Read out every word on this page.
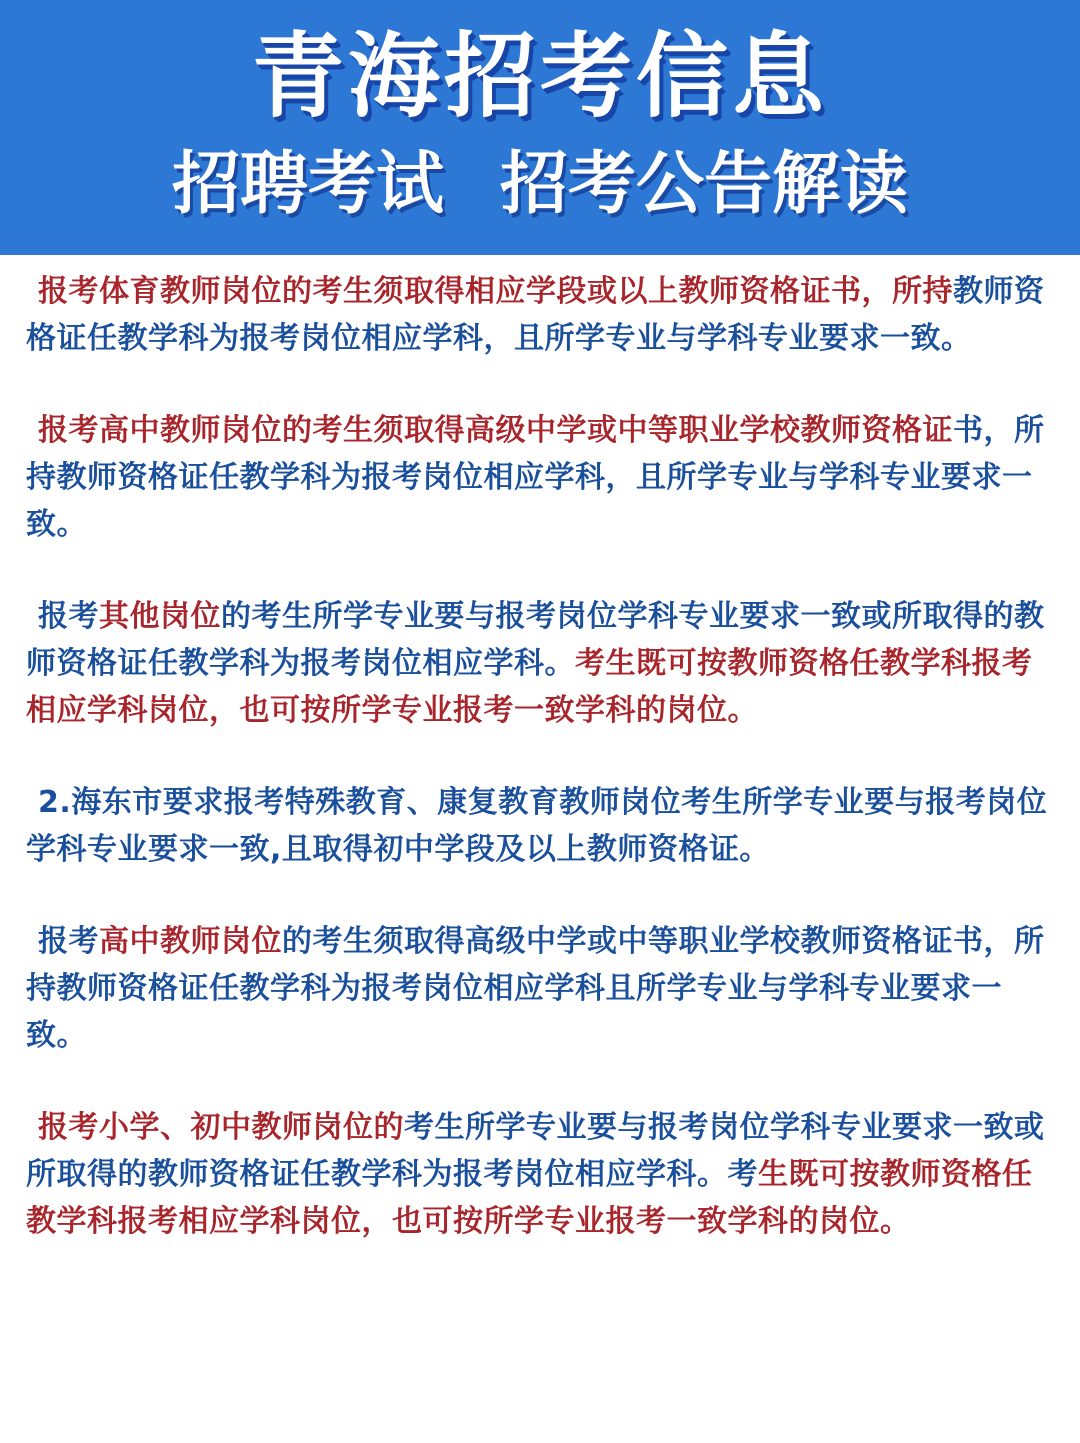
青海招考信息
招聘考试 招考公告解读

报考体育教师岗位的考生须取得相应学段或以上教师资格证书，所持教师资格证任教学科为报考岗位相应学科，且所学专业与学科专业要求一致。

报考高中教师岗位的考生须取得高级中学或中等职业学校教师资格证书，所持教师资格证任教学科为报考岗位相应学科，且所学专业与学科专业要求一致。

报考其他岗位的考生所学专业要与报考岗位学科专业要求一致或所取得的教师资格证任教学科为报考岗位相应学科。考生既可按教师资格任教学科报考相应学科岗位，也可按所学专业报考一致学科的岗位。

2.海东市要求报考特殊教育、康复教育教师岗位考生所学专业要与报考岗位学科专业要求一致,且取得初中学段及以上教师资格证。

报考高中教师岗位的考生须取得高级中学或中等职业学校教师资格证书，所持教师资格证任教学科为报考岗位相应学科且所学专业与学科专业要求一致。

报考小学、初中教师岗位的考生所学专业要与报考岗位学科专业要求一致或所取得的教师资格证任教学科为报考岗位相应学科。考生既可按教师资格任教学科报考相应学科岗位，也可按所学专业报考一致学科的岗位。
